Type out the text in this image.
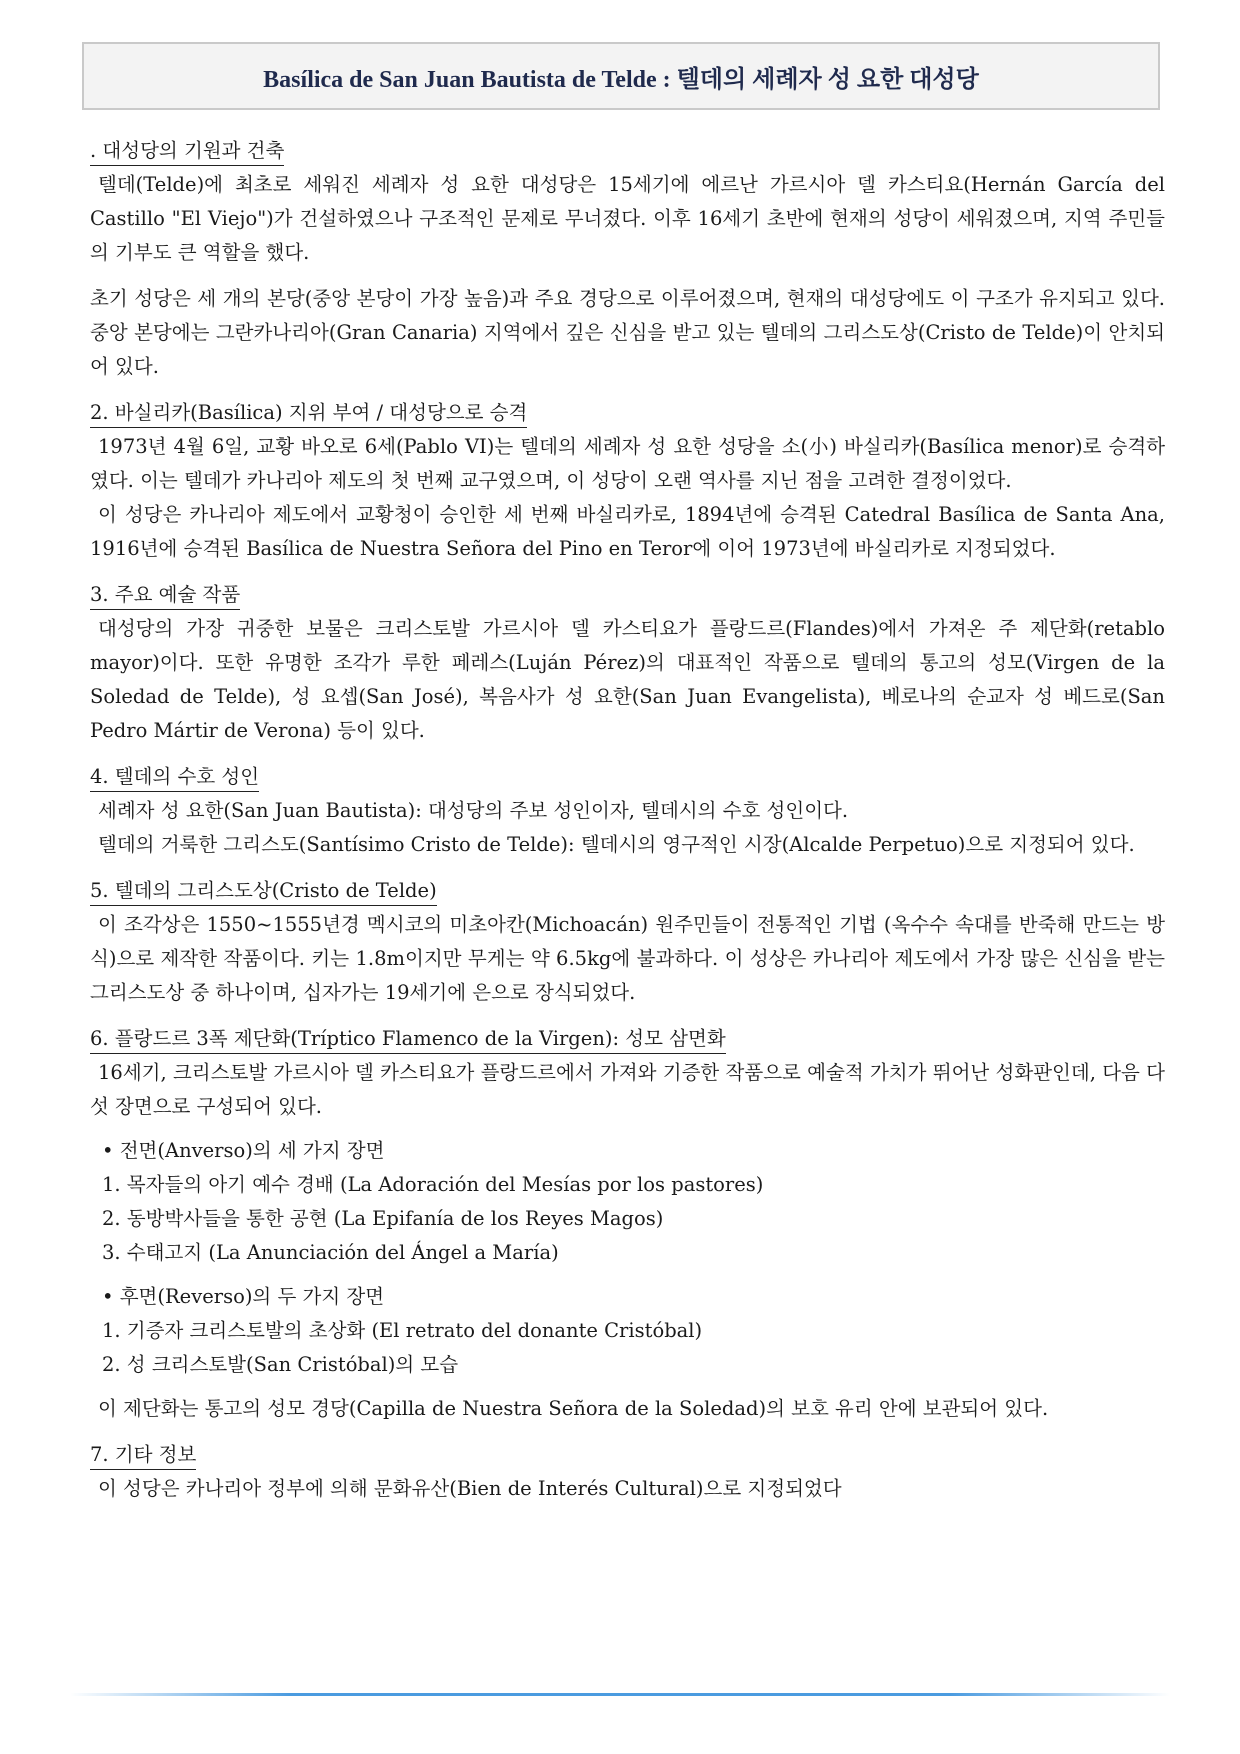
Basílica de San Juan Bautista de Telde : 텔데의 세례자 성 요한 대성당
. 대성당의 기원과 건축

텔데(Telde)에 최초로 세워진 세례자 성 요한 대성당은 15세기에 에르난 가르시아 델 카스티요(Hernán García del Castillo "El Viejo")가 건설하였으나 구조적인 문제로 무너졌다. 이후 16세기 초반에 현재의 성당이 세워졌으며, 지역 주민들의 기부도 큰 역할을 했다.

초기 성당은 세 개의 본당(중앙 본당이 가장 높음)과 주요 경당으로 이루어졌으며, 현재의 대성당에도 이 구조가 유지되고 있다. 중앙 본당에는 그란카나리아(Gran Canaria) 지역에서 깊은 신심을 받고 있는 텔데의 그리스도상(Cristo de Telde)이 안치되어 있다.

2. 바실리카(Basílica) 지위 부여 / 대성당으로 승격

1973년 4월 6일, 교황 바오로 6세(Pablo VI)는 텔데의 세례자 성 요한 성당을 소(小) 바실리카(Basílica menor)로 승격하였다. 이는 텔데가 카나리아 제도의 첫 번째 교구였으며, 이 성당이 오랜 역사를 지닌 점을 고려한 결정이었다.

이 성당은 카나리아 제도에서 교황청이 승인한 세 번째 바실리카로, 1894년에 승격된 Catedral Basílica de Santa Ana, 1916년에 승격된 Basílica de Nuestra Señora del Pino en Teror에 이어 1973년에 바실리카로 지정되었다.

3. 주요 예술 작품

대성당의 가장 귀중한 보물은 크리스토발 가르시아 델 카스티요가 플랑드르(Flandes)에서 가져온 주 제단화(retablo mayor)이다. 또한 유명한 조각가 루한 페레스(Luján Pérez)의 대표적인 작품으로 텔데의 통고의 성모(Virgen de la Soledad de Telde), 성 요셉(San José), 복음사가 성 요한(San Juan Evangelista), 베로나의 순교자 성 베드로(San Pedro Mártir de Verona) 등이 있다.

4. 텔데의 수호 성인

세례자 성 요한(San Juan Bautista): 대성당의 주보 성인이자, 텔데시의 수호 성인이다.

텔데의 거룩한 그리스도(Santísimo Cristo de Telde): 텔데시의 영구적인 시장(Alcalde Perpetuo)으로 지정되어 있다.

5. 텔데의 그리스도상(Cristo de Telde)

이 조각상은 1550~1555년경 멕시코의 미초아칸(Michoacán) 원주민들이 전통적인 기법 (옥수수 속대를 반죽해 만드는 방식)으로 제작한 작품이다. 키는 1.8m이지만 무게는 약 6.5kg에 불과하다. 이 성상은 카나리아 제도에서 가장 많은 신심을 받는 그리스도상 중 하나이며, 십자가는 19세기에 은으로 장식되었다.

6. 플랑드르 3폭 제단화(Tríptico Flamenco de la Virgen): 성모 삼면화

16세기, 크리스토발 가르시아 델 카스티요가 플랑드르에서 가져와 기증한 작품으로 예술적 가치가 뛰어난 성화판인데, 다음 다섯 장면으로 구성되어 있다.

• 전면(Anverso)의 세 가지 장면
1. 목자들의 아기 예수 경배 (La Adoración del Mesías por los pastores)
2. 동방박사들을 통한 공현 (La Epifanía de los Reyes Magos)
3. 수태고지 (La Anunciación del Ángel a María)
• 후면(Reverso)의 두 가지 장면
1. 기증자 크리스토발의 초상화 (El retrato del donante Cristóbal)
2. 성 크리스토발(San Cristóbal)의 모습

이 제단화는 통고의 성모 경당(Capilla de Nuestra Señora de la Soledad)의 보호 유리 안에 보관되어 있다.

7. 기타 정보

이 성당은 카나리아 정부에 의해 문화유산(Bien de Interés Cultural)으로 지정되었다
